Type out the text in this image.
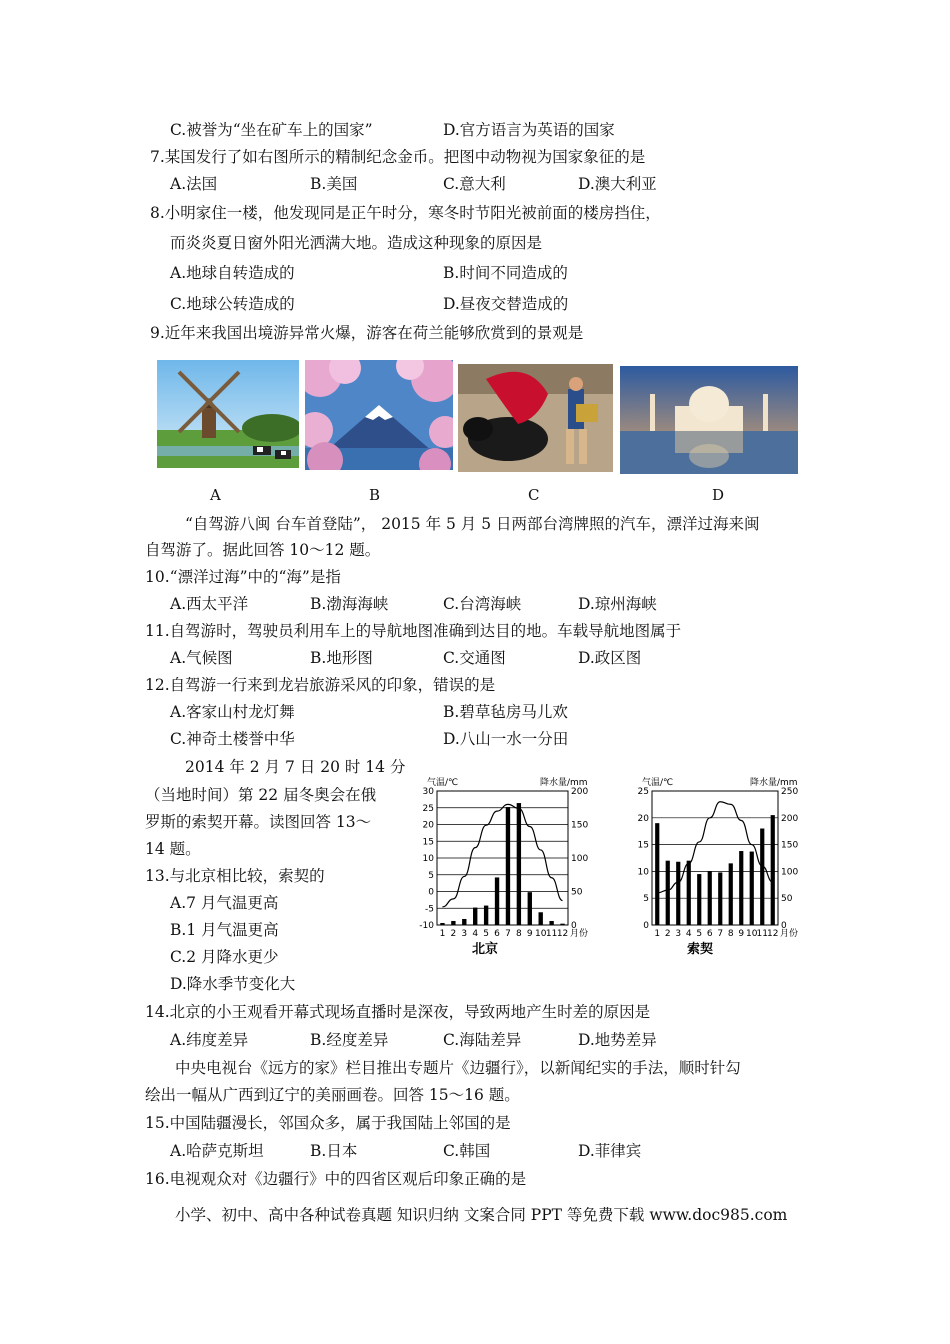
C.被誉为“坐在矿车上的国家”	D.官方语言为英语的国家
7.某国发行了如右图所示的精制纪念金币。把图中动物视为国家象征的是
A.法国	B.美国	C.意大利	D.澳大利亚
8.小明家住一楼，他发现同是正午时分，寒冬时节阳光被前面的楼房挡住，
而炎炎夏日窗外阳光洒满大地。造成这种现象的原因是
A.地球自转造成的	B.时间不同造成的
C.地球公转造成的	D.昼夜交替造成的
9.近年来我国出境游异常火爆，游客在荷兰能够欣赏到的景观是
A	B	C	D
“自驾游八闽 台车首登陆”， 2015 年 5 月 5 日两部台湾牌照的汽车，漂洋过海来闽
自驾游了。据此回答 10～12 题。
10.“漂洋过海”中的“海”是指
A.西太平洋	B.渤海海峡	C.台湾海峡	D.琼州海峡
11.自驾游时，驾驶员利用车上的导航地图准确到达目的地。车载导航地图属于
A.气候图	B.地形图	C.交通图	D.政区图
12.自驾游一行来到龙岩旅游采风的印象，错误的是
A.客家山村龙灯舞	B.碧草毡房马儿欢
C.神奇土楼誉中华	D.八山一水一分田
2014 年 2 月 7 日 20 时 14 分
（当地时间）第 22 届冬奥会在俄
罗斯的索契开幕。读图回答 13～
14 题。
13.与北京相比较，索契的
A.7 月气温更高
B.1 月气温更高
C.2 月降水更少
D.降水季节变化大
14.北京的小王观看开幕式现场直播时是深夜，导致两地产生时差的原因是
A.纬度差异	B.经度差异	C.海陆差异	D.地势差异
中央电视台《远方的家》栏目推出专题片《边疆行》，以新闻纪实的手法，顺时针勾
绘出一幅从广西到辽宁的美丽画卷。回答 15～16 题。
15.中国陆疆漫长，邻国众多，属于我国陆上邻国的是
A.哈萨克斯坦	B.日本	C.韩国	D.菲律宾
16.电视观众对《边疆行》中的四省区观后印象正确的是
小学、初中、高中各种试卷真题 知识归纳 文案合同 PPT 等免费下载 www.doc985.com
气温/℃	降水量/mm
30
25
20
15
10
5
0
-5
-10
200
150
100
50
0
1 2 3 4 5 6 7 8 9 10 11 12 月份
北京
气温/℃	降水量/mm
25
20
15
10
5
0
250
200
150
100
50
0
1 2 3 4 5 6 7 8 9 10 11 12 月份
索契
